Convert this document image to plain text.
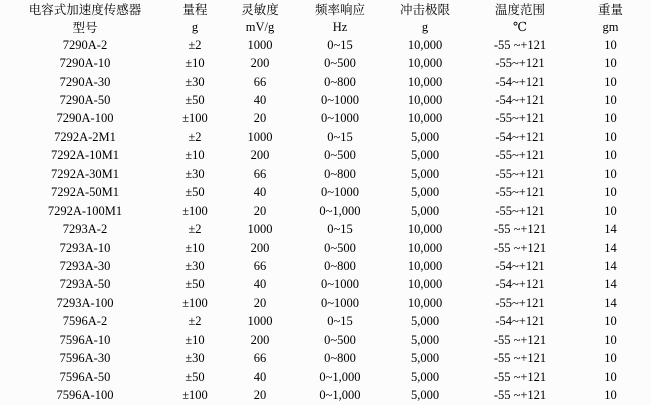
电容式加速度传感器	量程	灵敏度	频率响应	冲击极限	温度范围	重量
型号	g	mV/g	Hz	g	℃	gm
7290A-2	±2	1000	0~15	10,000	-55 ~+121	10
7290A-10	±10	200	0~500	10,000	-55~+121	10
7290A-30	±30	66	0~800	10,000	-54~+121	10
7290A-50	±50	40	0~1000	10,000	-54~+121	10
7290A-100	±100	20	0~1000	10,000	-55~+121	10
7292A-2M1	±2	1000	0~15	5,000	-54~+121	10
7292A-10M1	±10	200	0~500	5,000	-55~+121	10
7292A-30M1	±30	66	0~800	5,000	-55~+121	10
7292A-50M1	±50	40	0~1000	5,000	-55~+121	10
7292A-100M1	±100	20	0~1,000	5,000	-55~+121	10
7293A-2	±2	1000	0~15	10,000	-55 ~+121	14
7293A-10	±10	200	0~500	10,000	-55 ~+121	14
7293A-30	±30	66	0~800	10,000	-54~+121	14
7293A-50	±50	40	0~1000	10,000	-54~+121	14
7293A-100	±100	20	0~1000	10,000	-55~+121	14
7596A-2	±2	1000	0~15	5,000	-54~+121	10
7596A-10	±10	200	0~500	5,000	-55 ~+121	10
7596A-30	±30	66	0~800	5,000	-55 ~+121	10
7596A-50	±50	40	0~1,000	5,000	-55 ~+121	10
7596A-100	±100	20	0~1,000	5,000	-55 ~+121	10
